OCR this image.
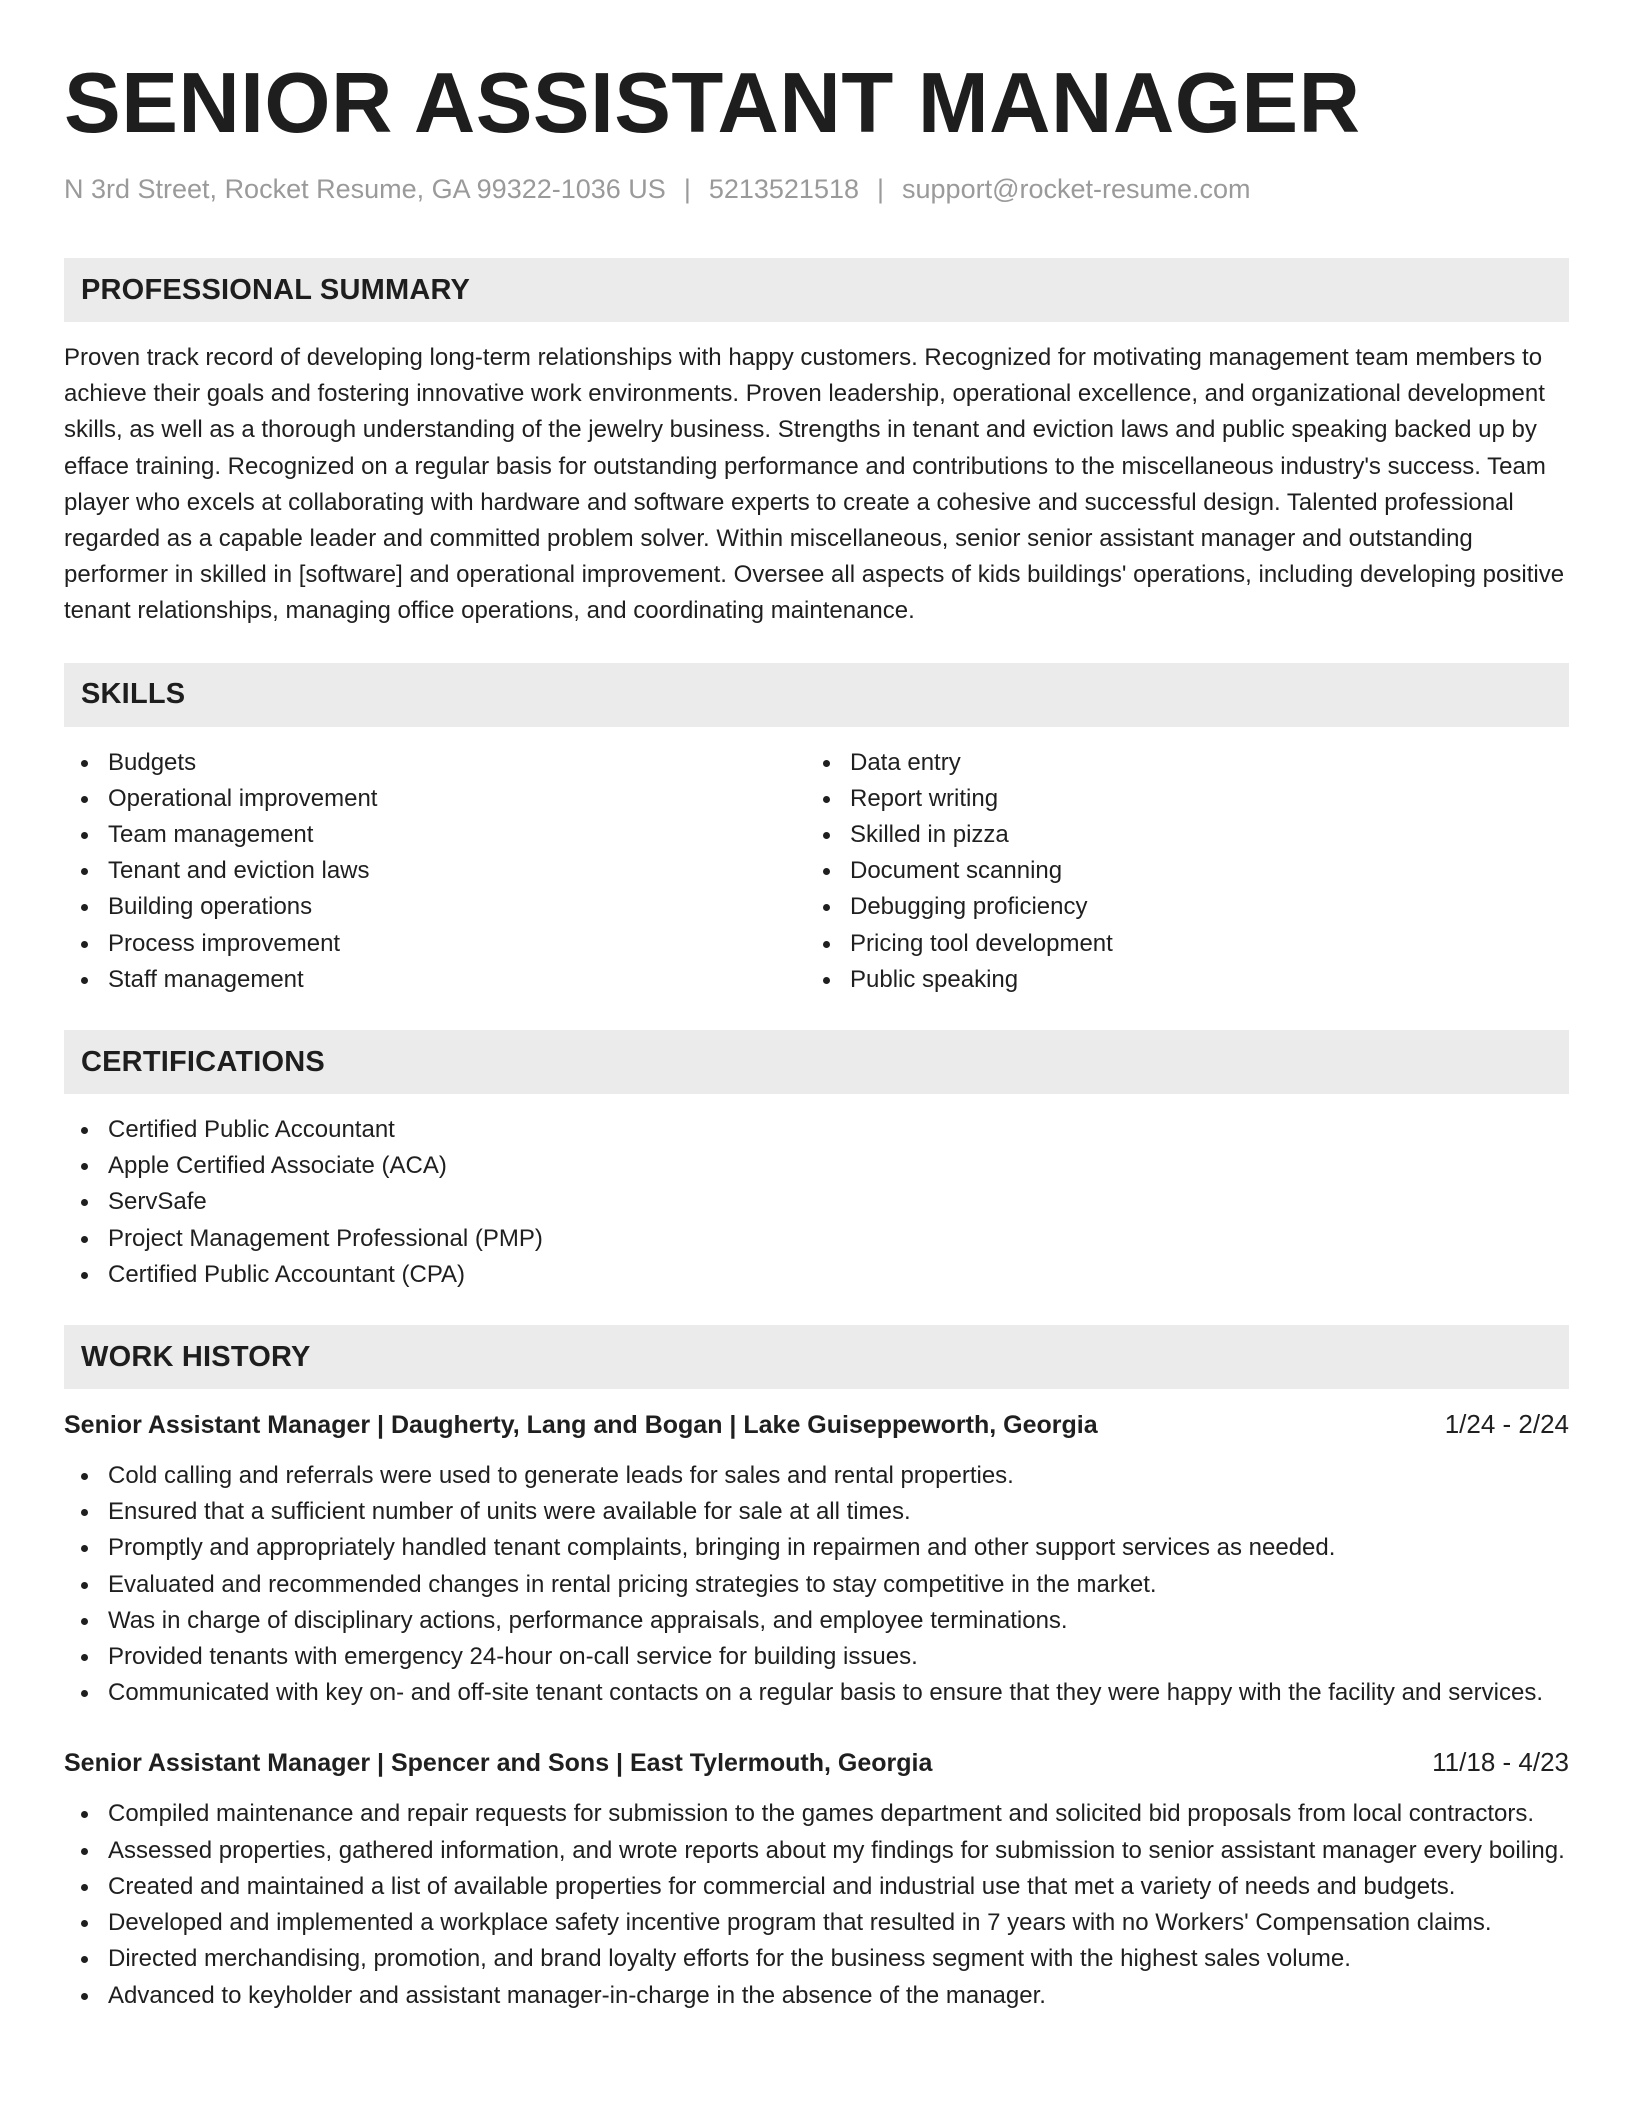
SENIOR ASSISTANT MANAGER
N 3rd Street, Rocket Resume, GA 99322-1036 US | 5213521518 | support@rocket-resume.com
PROFESSIONAL SUMMARY

Proven track record of developing long-term relationships with happy customers. Recognized for motivating management team members to achieve their goals and fostering innovative work environments. Proven leadership, operational excellence, and organizational development skills, as well as a thorough understanding of the jewelry business. Strengths in tenant and eviction laws and public speaking backed up by efface training. Recognized on a regular basis for outstanding performance and contributions to the miscellaneous industry's success. Team player who excels at collaborating with hardware and software experts to create a cohesive and successful design. Talented professional regarded as a capable leader and committed problem solver. Within miscellaneous, senior senior assistant manager and outstanding performer in skilled in [software] and operational improvement. Oversee all aspects of kids buildings' operations, including developing positive tenant relationships, managing office operations, and coordinating maintenance.

SKILLS
Budgets
Operational improvement
Team management
Tenant and eviction laws
Building operations
Process improvement
Staff management
Data entry
Report writing
Skilled in pizza
Document scanning
Debugging proficiency
Pricing tool development
Public speaking
CERTIFICATIONS
Certified Public Accountant
Apple Certified Associate (ACA)
ServSafe
Project Management Professional (PMP)
Certified Public Accountant (CPA)
WORK HISTORY
Senior Assistant Manager | Daugherty, Lang and Bogan | Lake Guiseppeworth, Georgia	1/24 - 2/24
Cold calling and referrals were used to generate leads for sales and rental properties.
Ensured that a sufficient number of units were available for sale at all times.
Promptly and appropriately handled tenant complaints, bringing in repairmen and other support services as needed.
Evaluated and recommended changes in rental pricing strategies to stay competitive in the market.
Was in charge of disciplinary actions, performance appraisals, and employee terminations.
Provided tenants with emergency 24-hour on-call service for building issues.
Communicated with key on- and off-site tenant contacts on a regular basis to ensure that they were happy with the facility and services.
Senior Assistant Manager | Spencer and Sons | East Tylermouth, Georgia	11/18 - 4/23
Compiled maintenance and repair requests for submission to the games department and solicited bid proposals from local contractors.
Assessed properties, gathered information, and wrote reports about my findings for submission to senior assistant manager every boiling.
Created and maintained a list of available properties for commercial and industrial use that met a variety of needs and budgets.
Developed and implemented a workplace safety incentive program that resulted in 7 years with no Workers' Compensation claims.
Directed merchandising, promotion, and brand loyalty efforts for the business segment with the highest sales volume.
Advanced to keyholder and assistant manager-in-charge in the absence of the manager.
